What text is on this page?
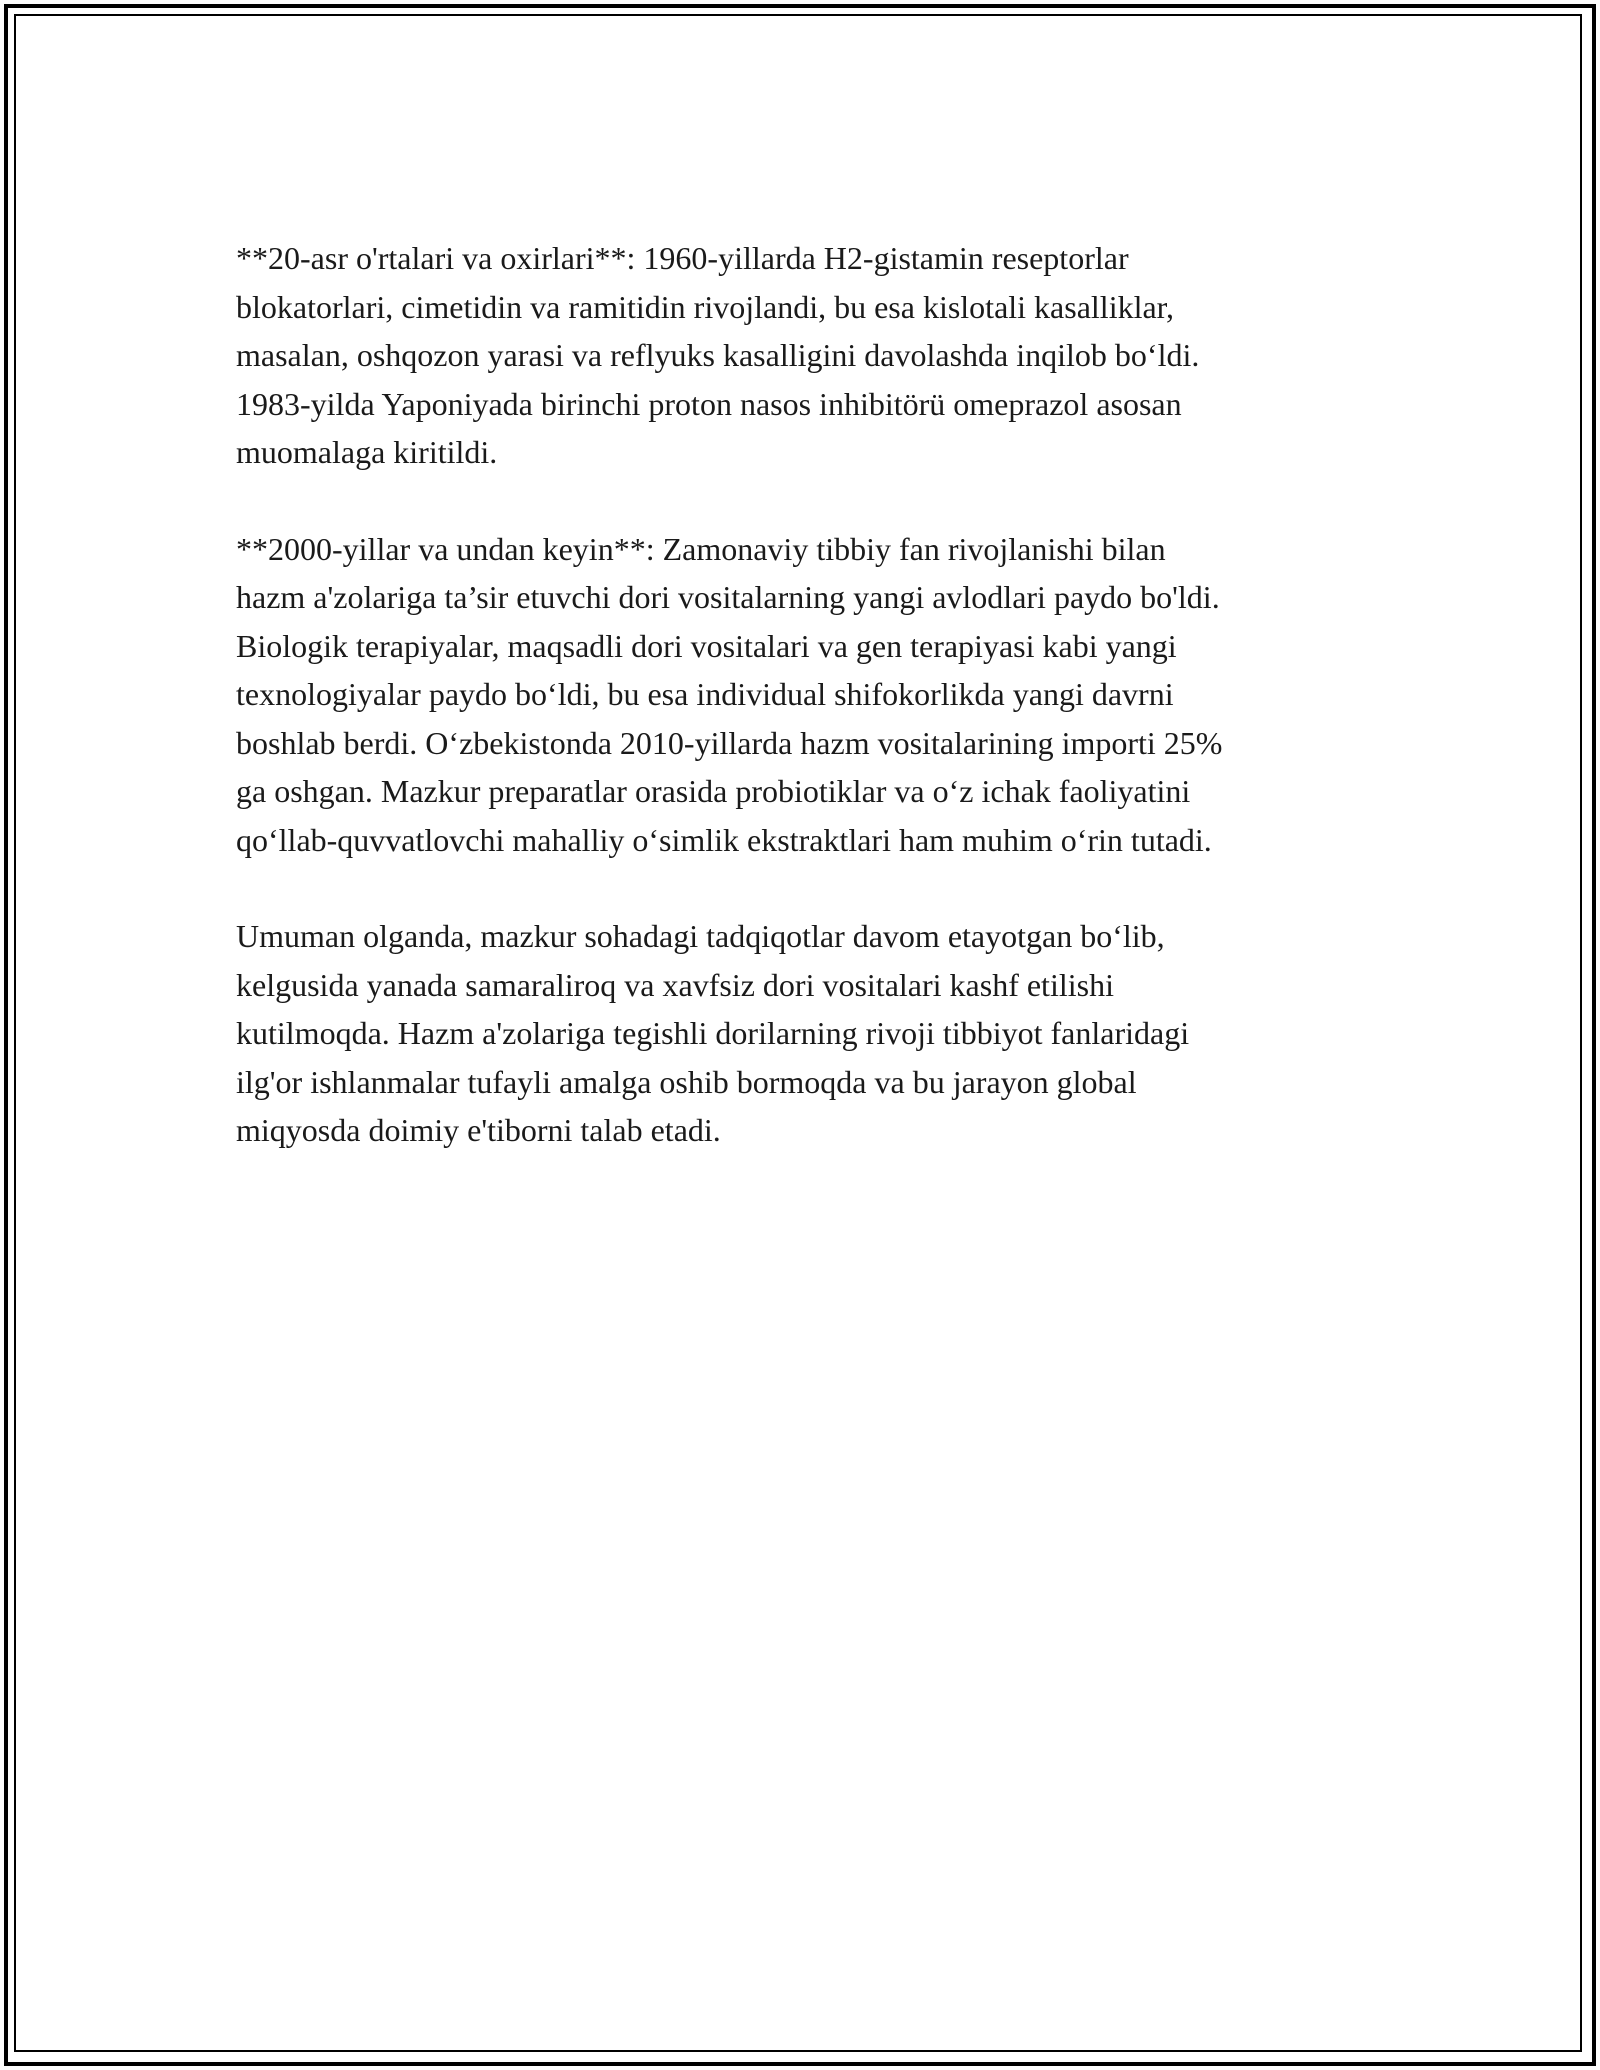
**20-asr o'rtalari va oxirlari**: 1960-yillarda H2-gistamin reseptorlar
blokatorlari, cimetidin va ramitidin rivojlandi, bu esa kislotali kasalliklar,
masalan, oshqozon yarasi va reflyuks kasalligini davolashda inqilob bo‘ldi.
1983-yilda Yaponiyada birinchi proton nasos inhibitörü omeprazol asosan
muomalaga kiritildi.

**2000-yillar va undan keyin**: Zamonaviy tibbiy fan rivojlanishi bilan
hazm a'zolariga ta’sir etuvchi dori vositalarning yangi avlodlari paydo bo'ldi.
Biologik terapiyalar, maqsadli dori vositalari va gen terapiyasi kabi yangi
texnologiyalar paydo bo‘ldi, bu esa individual shifokorlikda yangi davrni
boshlab berdi. O‘zbekistonda 2010-yillarda hazm vositalarining importi 25%
ga oshgan. Mazkur preparatlar orasida probiotiklar va o‘z ichak faoliyatini
qo‘llab-quvvatlovchi mahalliy o‘simlik ekstraktlari ham muhim o‘rin tutadi.

Umuman olganda, mazkur sohadagi tadqiqotlar davom etayotgan bo‘lib,
kelgusida yanada samaraliroq va xavfsiz dori vositalari kashf etilishi
kutilmoqda. Hazm a'zolariga tegishli dorilarning rivoji tibbiyot fanlaridagi
ilg'or ishlanmalar tufayli amalga oshib bormoqda va bu jarayon global
miqyosda doimiy e'tiborni talab etadi.
